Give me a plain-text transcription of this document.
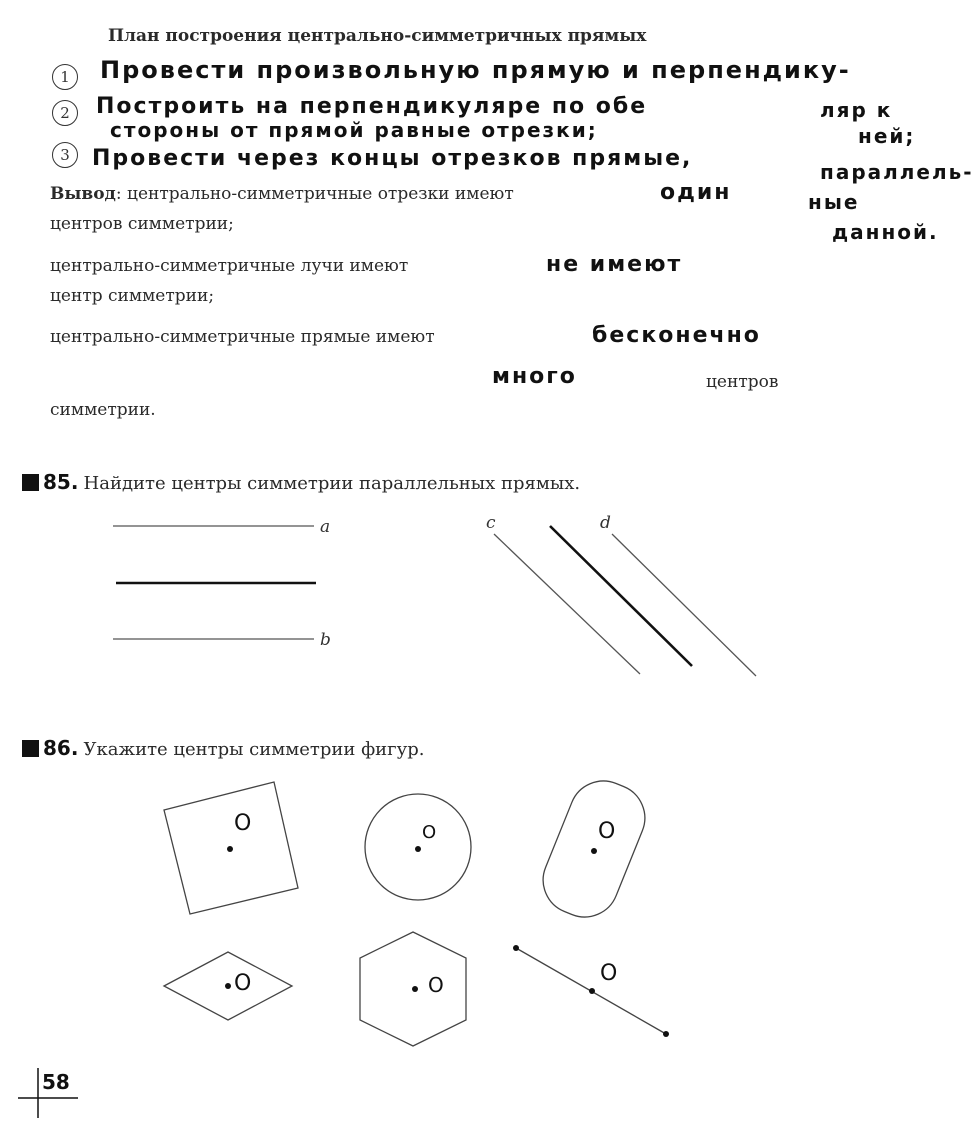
План построения центрально-симметричных прямых
1	Провести произвольную прямую и перпендику-
2	Построить на перпендикуляре по обе
стороны от прямой равные отрезки;
3	Провести через концы отрезков прямые,
ляр к
ней;
параллель-
ные
данной.
Вывод: центрально-симметричные отрезки имеют	один
центров симметрии;
центрально-симметричные лучи имеют	не имеют
центр симметрии;
центрально-симметричные прямые имеют	бесконечно
много	центров
симметрии.
85. Найдите центры симметрии параллельных прямых.
86. Укажите центры симметрии фигур.
a
b
c	d
O	O	O
O	O	O
58
